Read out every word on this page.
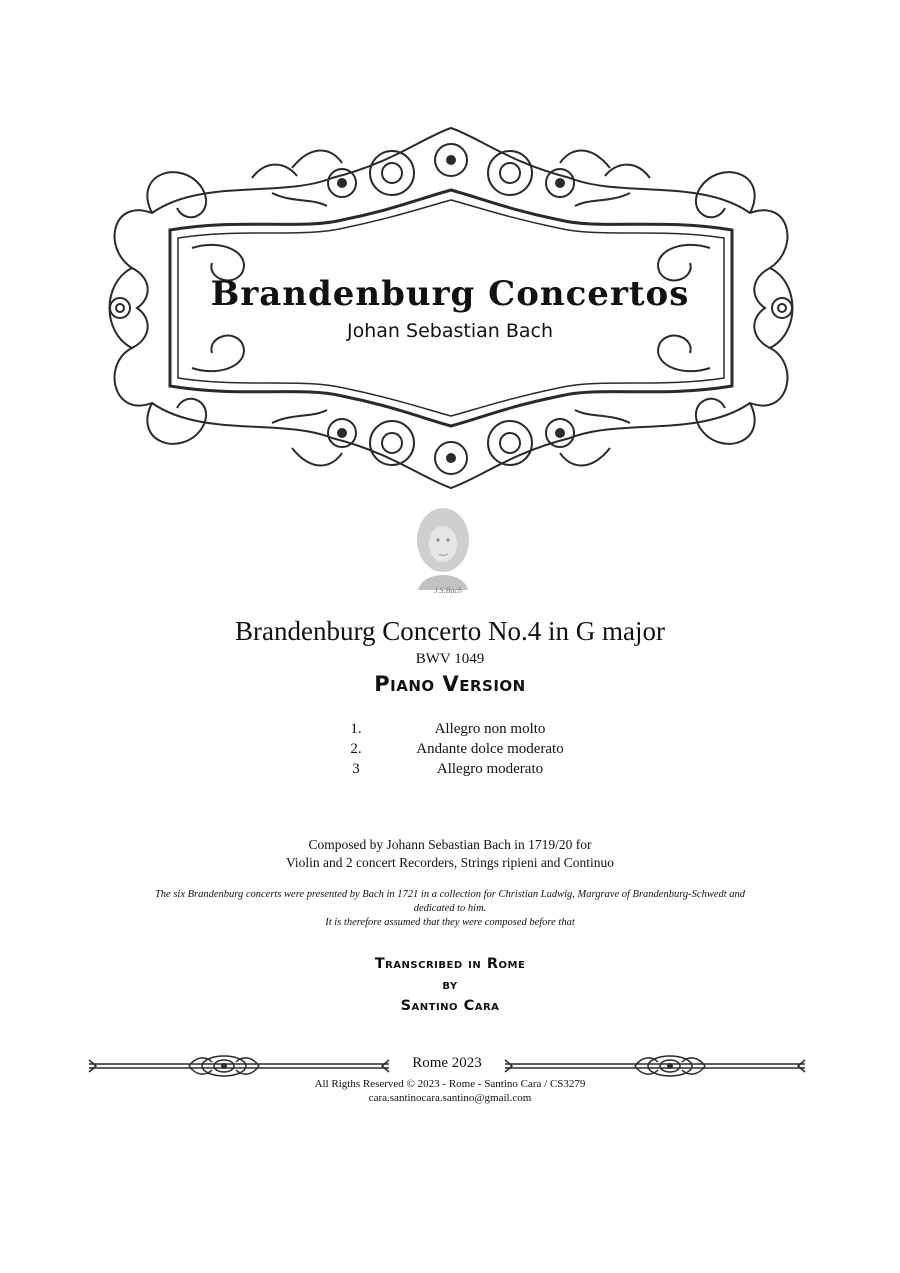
Brandenburg Concertos
Johan Sebastian Bach
J.S.Bach
Brandenburg Concerto No.4 in G major
BWV 1049
Piano Version
1.	Allegro non molto
2.	Andante dolce moderato
3	Allegro moderato
Composed by Johann Sebastian Bach in 1719/20 for
Violin and 2 concert Recorders, Strings ripieni and Continuo
The six Brandenburg concerts were presented by Bach in 1721 in a collection for Christian Ludwig, Margrave of Brandenburg-Schwedt and
dedicated to him.
It is therefore assumed that they were composed before that
Transcribed in Rome
by
Santino Cara
Rome 2023
All Rigths Reserved © 2023 - Rome - Santino Cara / CS3279
cara.santinocara.santino@gmail.com
